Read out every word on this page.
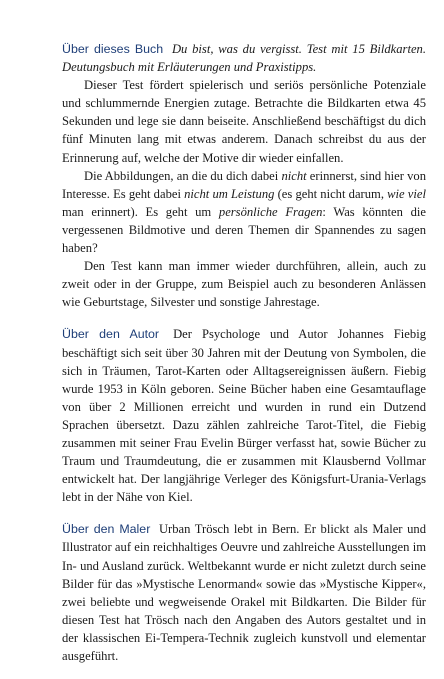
Über dieses Buch Du bist, was du vergisst. Test mit 15 Bildkarten. Deutungsbuch mit Erläuterungen und Praxistipps.

Dieser Test fördert spielerisch und seriös persönliche Potenziale und schlummernde Energien zutage. Betrachte die Bildkarten etwa 45 Sekunden und lege sie dann beiseite. Anschließend beschäftigst du dich fünf Minuten lang mit etwas anderem. Danach schreibst du aus der Erinnerung auf, welche der Motive dir wieder einfallen.

Die Abbildungen, an die du dich dabei nicht erinnerst, sind hier von Interesse. Es geht dabei nicht um Leistung (es geht nicht darum, wie viel man erinnert). Es geht um persönliche Fragen: Was könnten die vergessenen Bildmotive und deren Themen dir Spannendes zu sagen haben?

Den Test kann man immer wieder durchführen, allein, auch zu zweit oder in der Gruppe, zum Beispiel auch zu besonderen Anlässen wie Geburtstage, Silvester und sonstige Jahrestage.

Über den Autor Der Psychologe und Autor Johannes Fiebig beschäftigt sich seit über 30 Jahren mit der Deutung von Symbolen, die sich in Träumen, Tarot-Karten oder Alltagsereignissen äußern. Fiebig wurde 1953 in Köln geboren. Seine Bücher haben eine Gesamtauflage von über 2 Millionen erreicht und wurden in rund ein Dutzend Sprachen übersetzt. Dazu zählen zahlreiche Tarot-Titel, die Fiebig zusammen mit seiner Frau Evelin Bürger verfasst hat, sowie Bücher zu Traum und Traumdeutung, die er zusammen mit Klausbernd Vollmar entwickelt hat. Der langjährige Verleger des Königsfurt-Urania-Verlags lebt in der Nähe von Kiel.

Über den Maler Urban Trösch lebt in Bern. Er blickt als Maler und Illustrator auf ein reichhaltiges Oeuvre und zahlreiche Ausstellungen im In- und Ausland zurück. Weltbekannt wurde er nicht zuletzt durch seine Bilder für das »Mystische Lenormand« sowie das »Mystische Kipper«, zwei beliebte und wegweisende Orakel mit Bildkarten. Die Bilder für diesen Test hat Trösch nach den Angaben des Autors gestaltet und in der klassischen Ei-Tempera-Technik zugleich kunstvoll und elementar ausgeführt.
